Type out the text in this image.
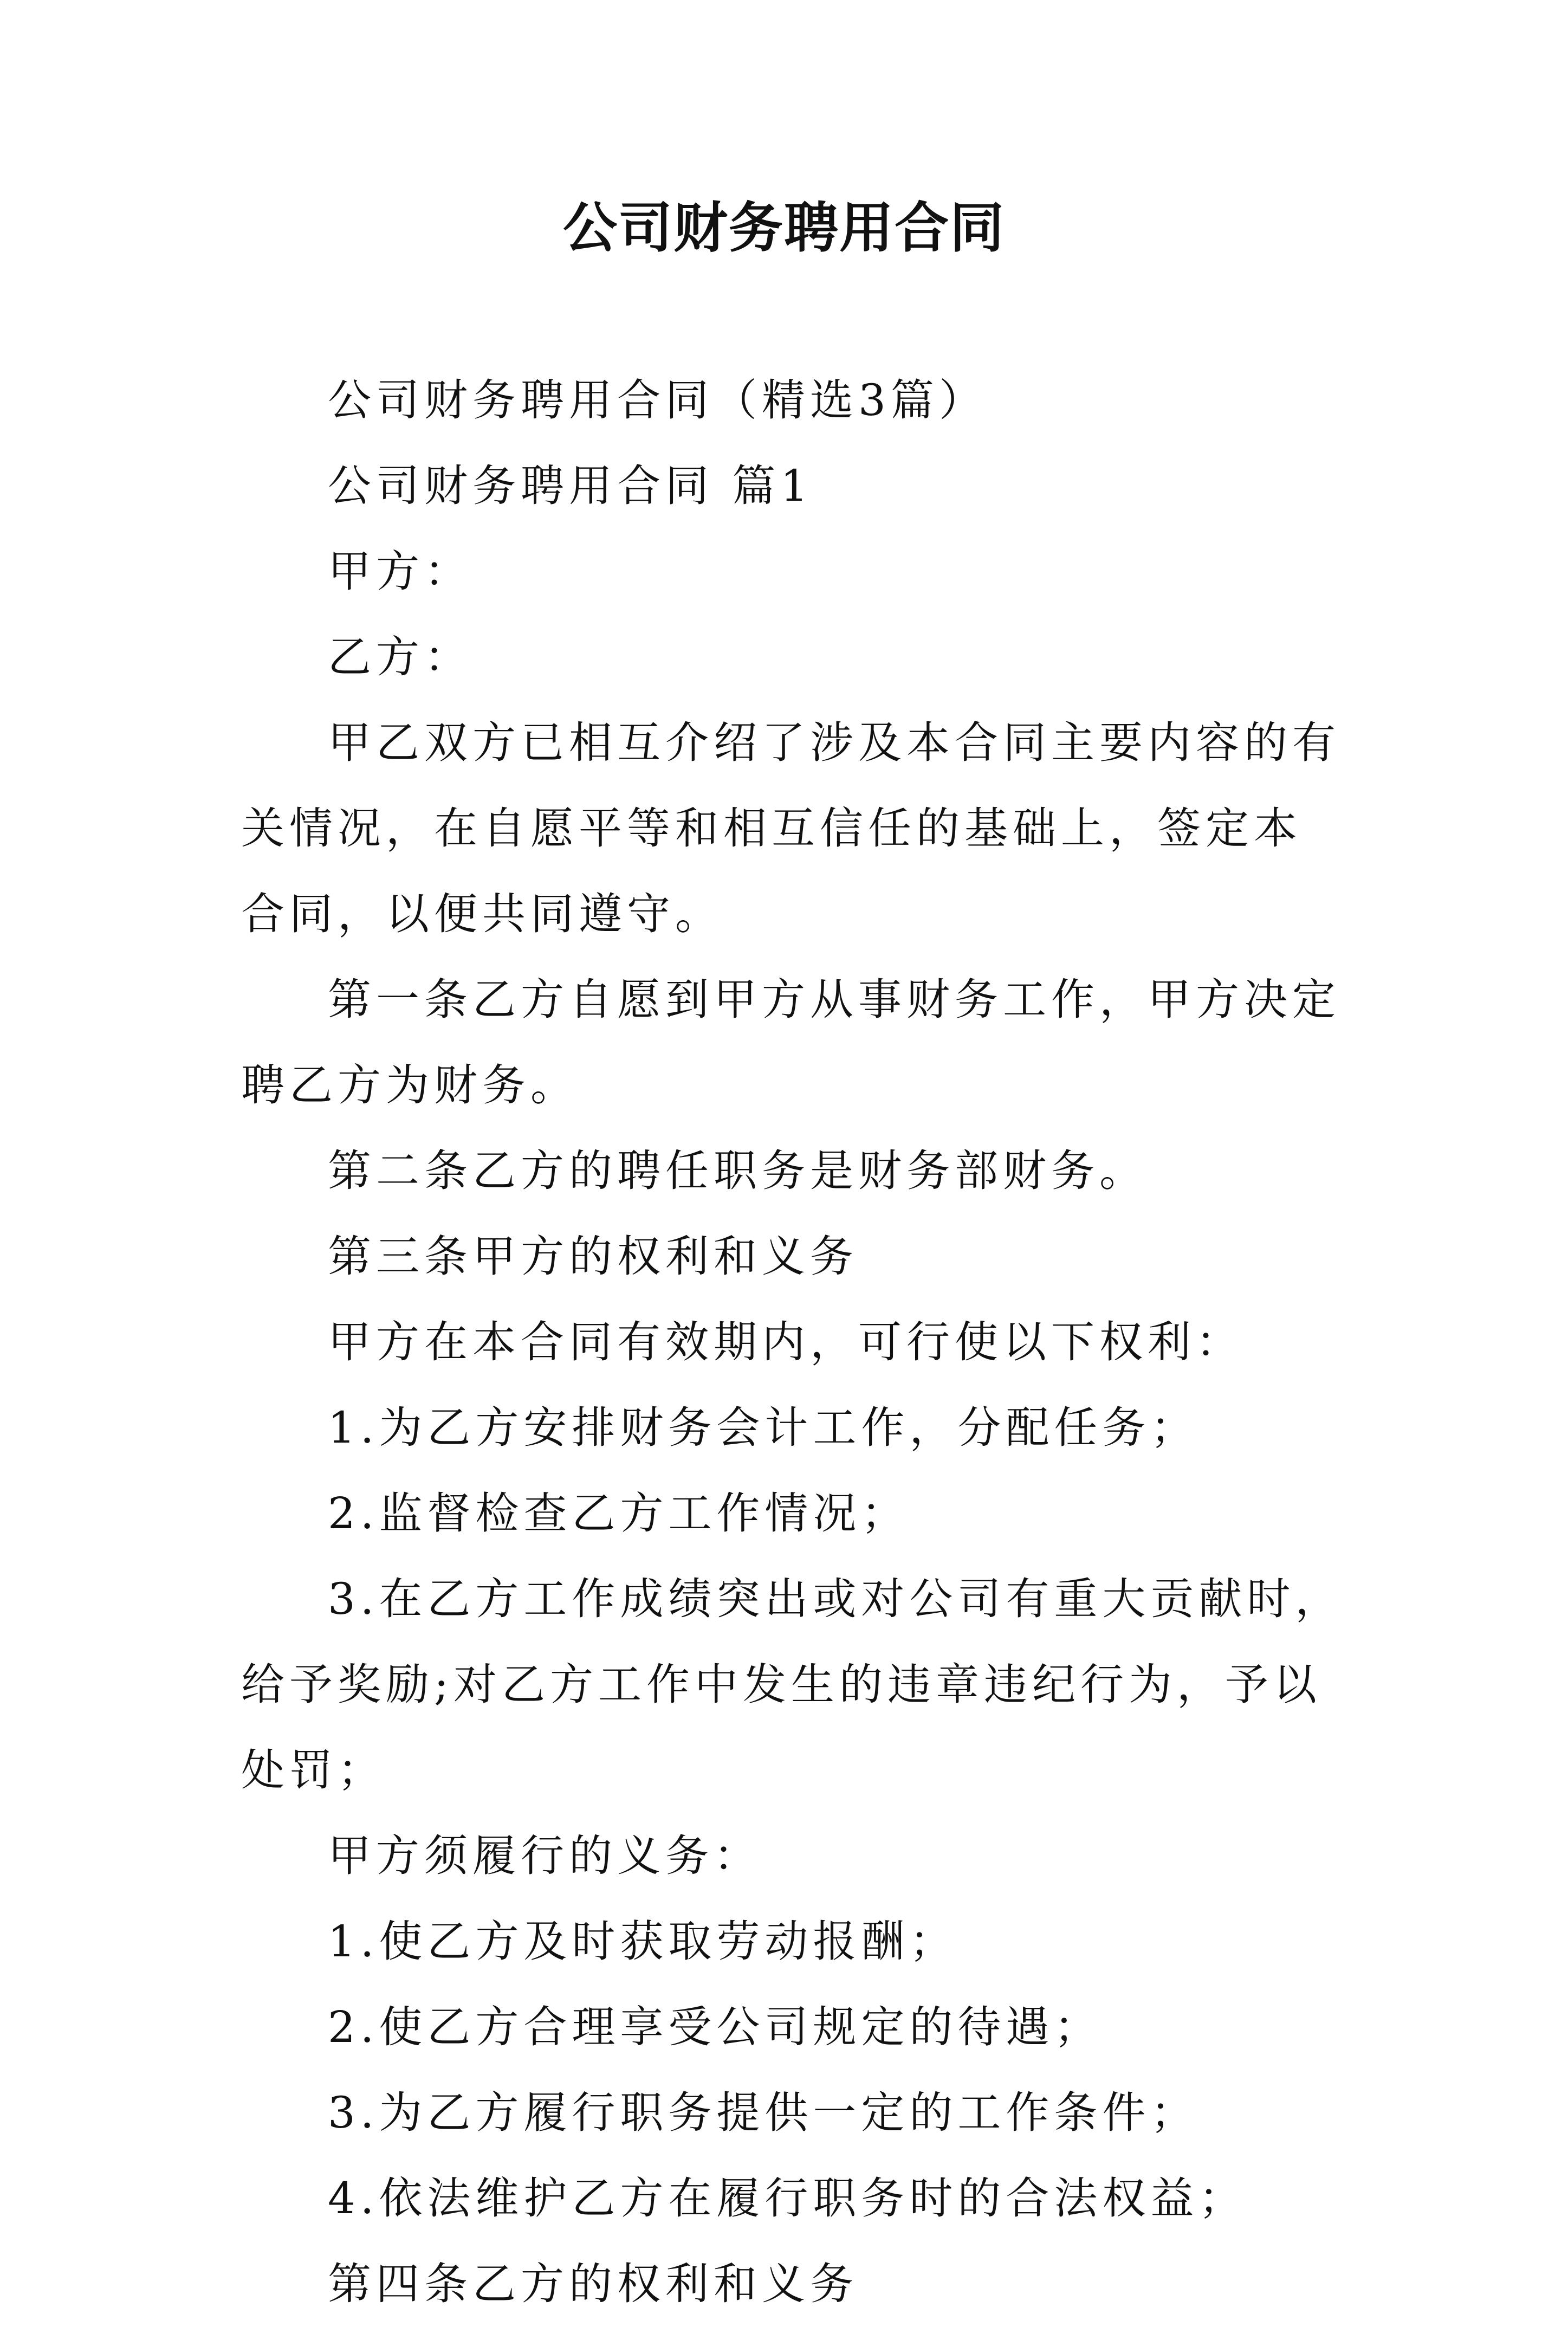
公司财务聘用合同

公司财务聘用合同（精选3篇）

公司财务聘用合同 篇1

甲方：

乙方：

甲乙双方已相互介绍了涉及本合同主要内容的有关情况，在自愿平等和相互信任的基础上，签定本合同，以便共同遵守。

第一条乙方自愿到甲方从事财务工作，甲方决定聘乙方为财务。

第二条乙方的聘任职务是财务部财务。

第三条甲方的权利和义务

甲方在本合同有效期内，可行使以下权利：

1.为乙方安排财务会计工作，分配任务；

2.监督检查乙方工作情况；

3.在乙方工作成绩突出或对公司有重大贡献时，给予奖励;对乙方工作中发生的违章违纪行为，予以处罚；

甲方须履行的义务：

1.使乙方及时获取劳动报酬；

2.使乙方合理享受公司规定的待遇；

3.为乙方履行职务提供一定的工作条件；

4.依法维护乙方在履行职务时的合法权益；

第四条乙方的权利和义务
